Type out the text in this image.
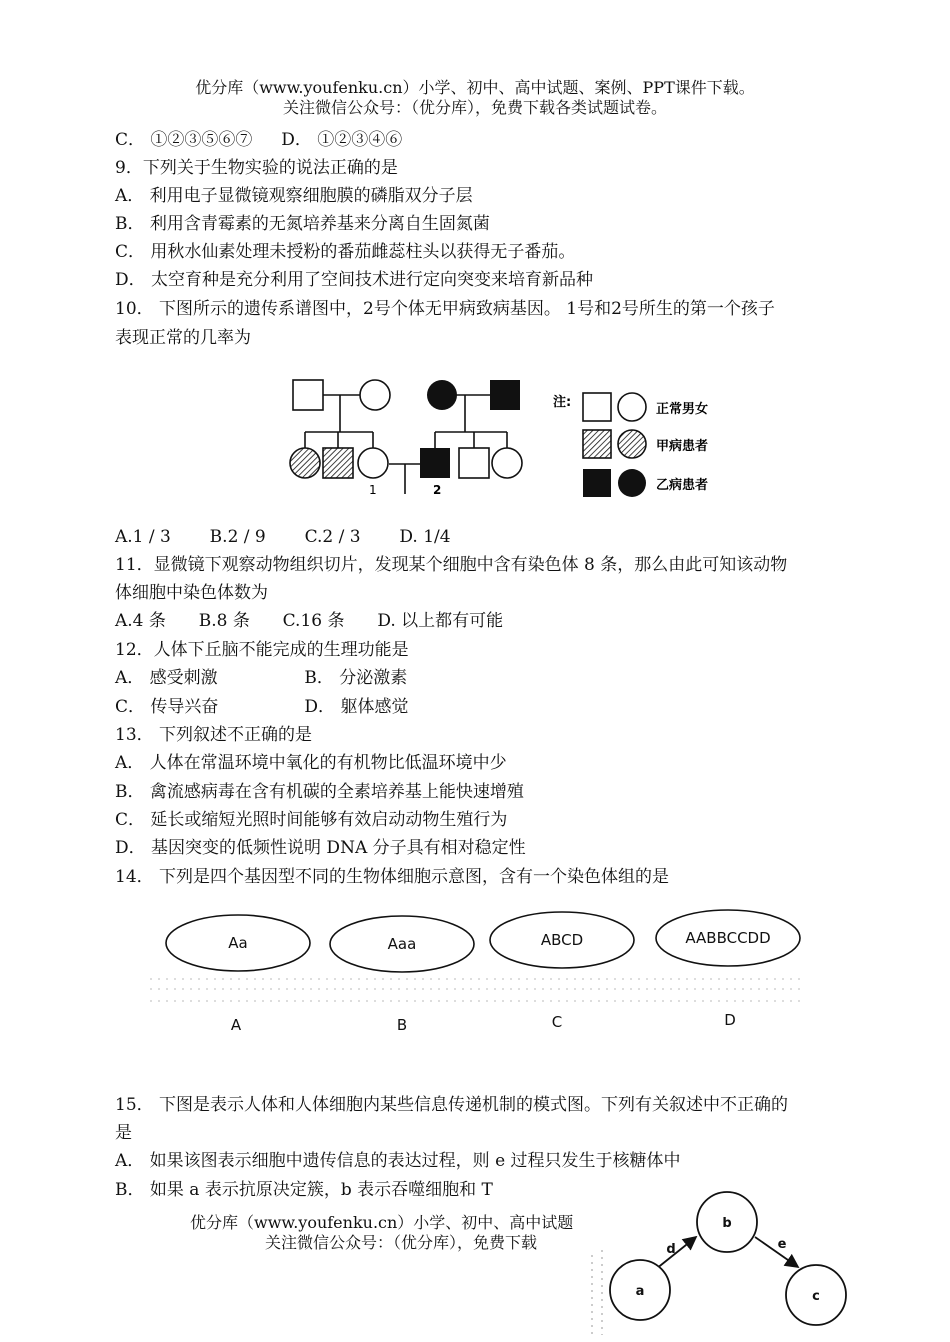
优分库（www.youfenku.cn）小学、初中、高中试题、案例、PPT课件下载。
关注微信公众号：（优分库），免费下载各类试题试卷。
C． ①②③⑤⑥⑦ D． ①②③④⑥
9．下列关于生物实验的说法正确的是
A． 利用电子显微镜观察细胞膜的磷脂双分子层
B． 利用含青霉素的无氮培养基来分离自生固氮菌
C． 用秋水仙素处理未授粉的番茄雌蕊柱头以获得无子番茄。
D． 太空育种是充分利用了空间技术进行定向突变来培育新品种
10． 下图所示的遗传系谱图中，2号个体无甲病致病基因。 1号和2号所生的第一个孩子
表现正常的几率为
1	2
注:	正常男女
甲病患者
乙病患者
A.1 / 3 B.2 / 9 C.2 / 3 D. 1/4
11．显微镜下观察动物组织切片，发现某个细胞中含有染色体 8 条，那么由此可知该动物
体细胞中染色体数为
A.4 条 B.8 条 C.16 条 D. 以上都有可能
12．人体下丘脑不能完成的生理功能是
A． 感受刺激	B． 分泌激素
C． 传导兴奋	D． 躯体感觉
13． 下列叙述不正确的是
A． 人体在常温环境中氧化的有机物比低温环境中少
B． 禽流感病毒在含有机碳的全素培养基上能快速增殖
C． 延长或缩短光照时间能够有效启动动物生殖行为
D． 基因突变的低频性说明 DNA 分子具有相对稳定性
14． 下列是四个基因型不同的生物体细胞示意图，含有一个染色体组的是
Aa	Aaa	ABCD	AABBCCDD
A	B	C	D
15． 下图是表示人体和人体细胞内某些信息传递机制的模式图。下列有关叙述中不正确的
是
A． 如果该图表示细胞中遗传信息的表达过程，则 e 过程只发生于核糖体中
B． 如果 a 表示抗原决定簇，b 表示吞噬细胞和 T
优分库（www.youfenku.cn）小学、初中、高中试题
关注微信公众号：（优分库），免费下载
a
b
c
d	e
